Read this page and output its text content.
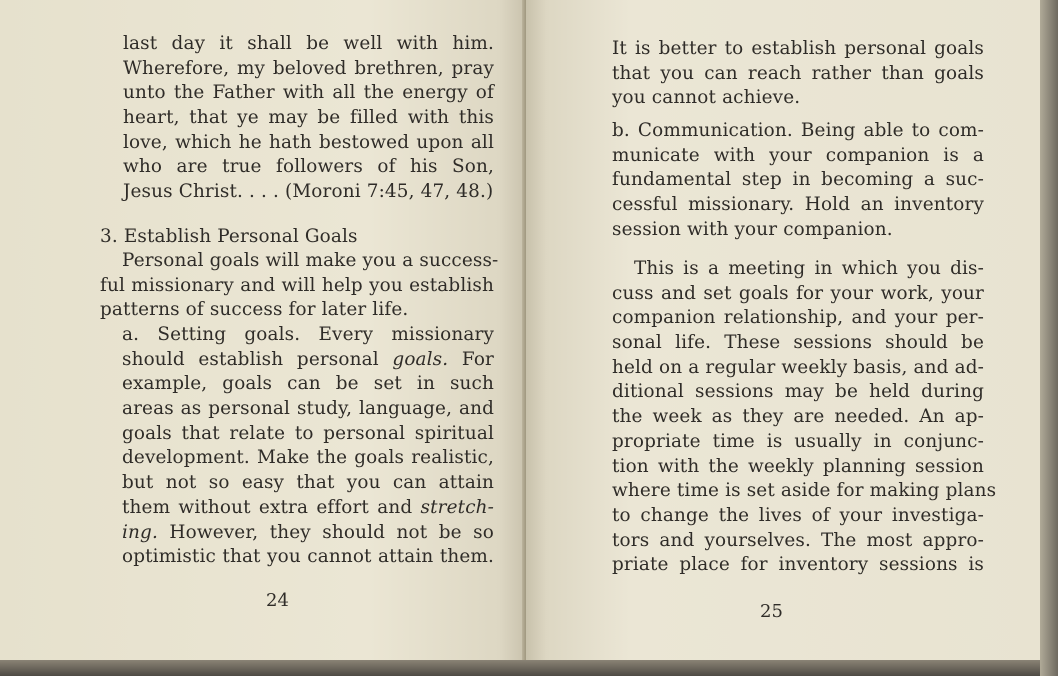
last day it shall be well with him.
Wherefore, my beloved brethren, pray
unto the Father with all the energy of
heart, that ye may be filled with this
love, which he hath bestowed upon all
who are true followers of his Son,
Jesus Christ. . . . (Moroni 7:45, 47, 48.)
3. Establish Personal Goals
Personal goals will make you a success-
ful missionary and will help you establish
patterns of success for later life.
a. Setting goals. Every missionary
should establish personal goals. For
example, goals can be set in such
areas as personal study, language, and
goals that relate to personal spiritual
development. Make the goals realistic,
but not so easy that you can attain
them without extra effort and stretch-
ing. However, they should not be so
optimistic that you cannot attain them.
24
It is better to establish personal goals
that you can reach rather than goals
you cannot achieve.
b. Communication. Being able to com-
municate with your companion is a
fundamental step in becoming a suc-
cessful missionary. Hold an inventory
session with your companion.
This is a meeting in which you dis-
cuss and set goals for your work, your
companion relationship, and your per-
sonal life. These sessions should be
held on a regular weekly basis, and ad-
ditional sessions may be held during
the week as they are needed. An ap-
propriate time is usually in conjunc-
tion with the weekly planning session
where time is set aside for making plans
to change the lives of your investiga-
tors and yourselves. The most appro-
priate place for inventory sessions is
25
